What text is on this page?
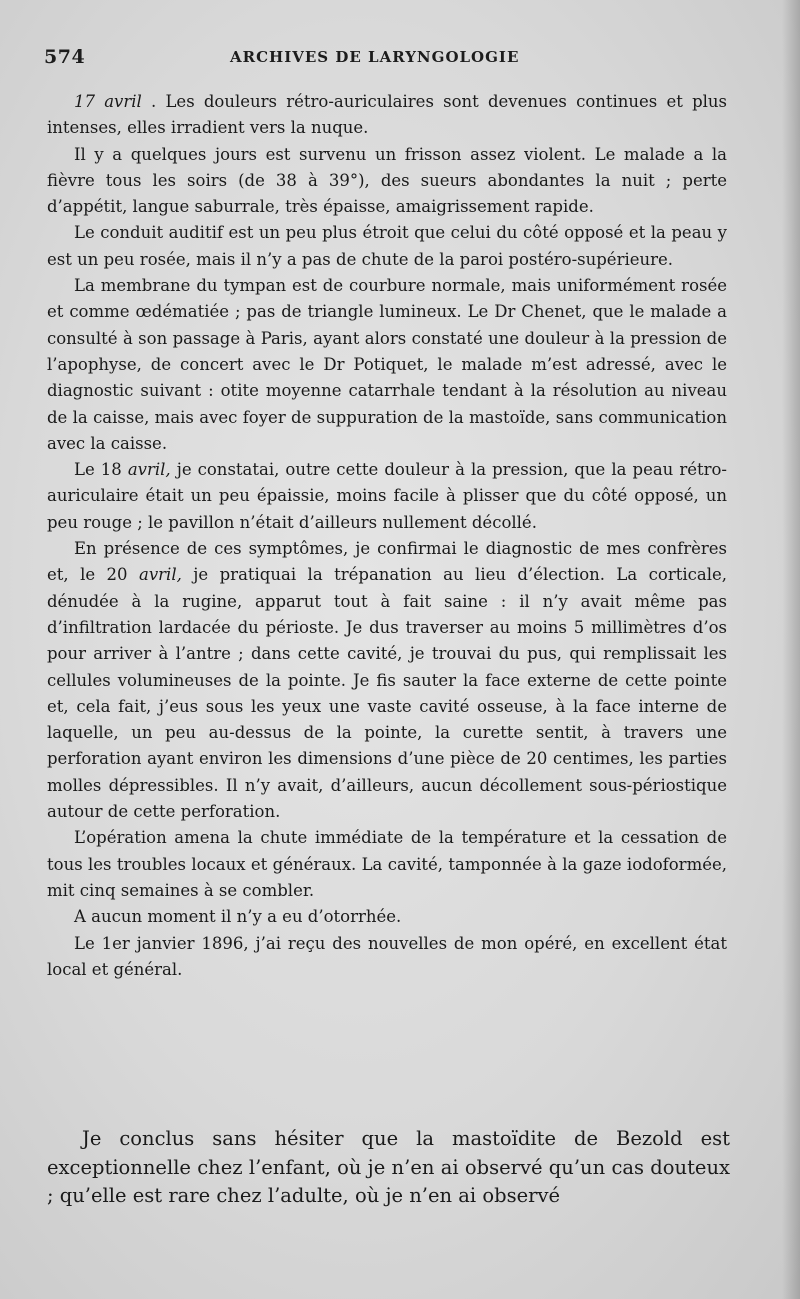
574	ARCHIVES DE LARYNGOLOGIE

17 avril . Les douleurs rétro-auriculaires sont devenues continues et plus intenses, elles irradient vers la nuque.

Il y a quelques jours est survenu un frisson assez violent. Le malade a la fièvre tous les soirs (de 38 à 39°), des sueurs abondantes la nuit ; perte d’appétit, langue saburrale, très épaisse, amaigrissement rapide.

Le conduit auditif est un peu plus étroit que celui du côté opposé et la peau y est un peu rosée, mais il n’y a pas de chute de la paroi postéro-supérieure.

La membrane du tympan est de courbure normale, mais uniformément rosée et comme œdématiée ; pas de triangle lumineux. Le Dr Chenet, que le malade a consulté à son passage à Paris, ayant alors constaté une douleur à la pression de l’apophyse, de concert avec le Dr Potiquet, le malade m’est adressé, avec le diagnostic suivant : otite moyenne catarrhale tendant à la résolution au niveau de la caisse, mais avec foyer de suppuration de la mastoïde, sans communication avec la caisse.

Le 18 avril, je constatai, outre cette douleur à la pression, que la peau rétro-auriculaire était un peu épaissie, moins facile à plisser que du côté opposé, un peu rouge ; le pavillon n’était d’ailleurs nullement décollé.

En présence de ces symptômes, je confirmai le diagnostic de mes confrères et, le 20 avril, je pratiquai la trépanation au lieu d’élection. La corticale, dénudée à la rugine, apparut tout à fait saine : il n’y avait même pas d’infiltration lardacée du périoste. Je dus traverser au moins 5 millimètres d’os pour arriver à l’antre ; dans cette cavité, je trouvai du pus, qui remplissait les cellules volumineuses de la pointe. Je fis sauter la face externe de cette pointe et, cela fait, j’eus sous les yeux une vaste cavité osseuse, à la face interne de laquelle, un peu au-dessus de la pointe, la curette sentit, à travers une perforation ayant environ les dimensions d’une pièce de 20 centimes, les parties molles dépressibles. Il n’y avait, d’ailleurs, aucun décollement sous-périostique autour de cette perforation.

L’opération amena la chute immédiate de la température et la cessation de tous les troubles locaux et généraux. La cavité, tamponnée à la gaze iodoformée, mit cinq semaines à se combler.

A aucun moment il n’y a eu d’otorrhée.

Le 1er janvier 1896, j’ai reçu des nouvelles de mon opéré, en excellent état local et général.

Je conclus sans hésiter que la mastoïdite de Bezold est exceptionnelle chez l’enfant, où je n’en ai observé qu’un cas douteux ; qu’elle est rare chez l’adulte, où je n’en ai observé
